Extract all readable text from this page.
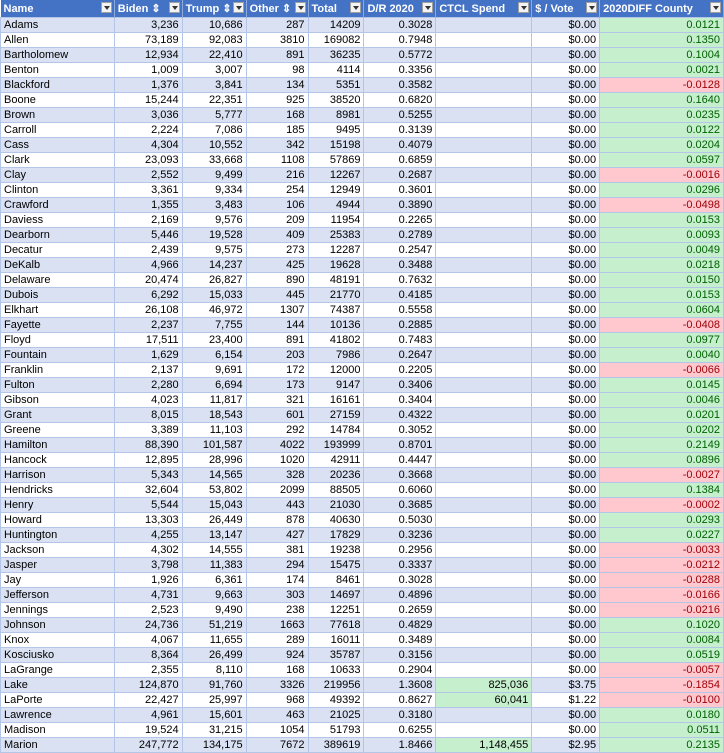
Name	Biden ⇕	Trump ⇕	Other ⇕	Total	D/R 2020	CTCL Spend	$ / Vote	2020DIFF County

Adams	3,236	10,686	287	14209	0.3028		$0.00	0.0121
Allen	73,189	92,083	3810	169082	0.7948		$0.00	0.1350
Bartholomew	12,934	22,410	891	36235	0.5772		$0.00	0.1004
Benton	1,009	3,007	98	4114	0.3356		$0.00	0.0021
Blackford	1,376	3,841	134	5351	0.3582		$0.00	-0.0128
Boone	15,244	22,351	925	38520	0.6820		$0.00	0.1640
Brown	3,036	5,777	168	8981	0.5255		$0.00	0.0235
Carroll	2,224	7,086	185	9495	0.3139		$0.00	0.0122
Cass	4,304	10,552	342	15198	0.4079		$0.00	0.0204
Clark	23,093	33,668	1108	57869	0.6859		$0.00	0.0597
Clay	2,552	9,499	216	12267	0.2687		$0.00	-0.0016
Clinton	3,361	9,334	254	12949	0.3601		$0.00	0.0296
Crawford	1,355	3,483	106	4944	0.3890		$0.00	-0.0498
Daviess	2,169	9,576	209	11954	0.2265		$0.00	0.0153
Dearborn	5,446	19,528	409	25383	0.2789		$0.00	0.0093
Decatur	2,439	9,575	273	12287	0.2547		$0.00	0.0049
DeKalb	4,966	14,237	425	19628	0.3488		$0.00	0.0218
Delaware	20,474	26,827	890	48191	0.7632		$0.00	0.0150
Dubois	6,292	15,033	445	21770	0.4185		$0.00	0.0153
Elkhart	26,108	46,972	1307	74387	0.5558		$0.00	0.0604
Fayette	2,237	7,755	144	10136	0.2885		$0.00	-0.0408
Floyd	17,511	23,400	891	41802	0.7483		$0.00	0.0977
Fountain	1,629	6,154	203	7986	0.2647		$0.00	0.0040
Franklin	2,137	9,691	172	12000	0.2205		$0.00	-0.0066
Fulton	2,280	6,694	173	9147	0.3406		$0.00	0.0145
Gibson	4,023	11,817	321	16161	0.3404		$0.00	0.0046
Grant	8,015	18,543	601	27159	0.4322		$0.00	0.0201
Greene	3,389	11,103	292	14784	0.3052		$0.00	0.0202
Hamilton	88,390	101,587	4022	193999	0.8701		$0.00	0.2149
Hancock	12,895	28,996	1020	42911	0.4447		$0.00	0.0896
Harrison	5,343	14,565	328	20236	0.3668		$0.00	-0.0027
Hendricks	32,604	53,802	2099	88505	0.6060		$0.00	0.1384
Henry	5,544	15,043	443	21030	0.3685		$0.00	-0.0002
Howard	13,303	26,449	878	40630	0.5030		$0.00	0.0293
Huntington	4,255	13,147	427	17829	0.3236		$0.00	0.0227
Jackson	4,302	14,555	381	19238	0.2956		$0.00	-0.0033
Jasper	3,798	11,383	294	15475	0.3337		$0.00	-0.0212
Jay	1,926	6,361	174	8461	0.3028		$0.00	-0.0288
Jefferson	4,731	9,663	303	14697	0.4896		$0.00	-0.0166
Jennings	2,523	9,490	238	12251	0.2659		$0.00	-0.0216
Johnson	24,736	51,219	1663	77618	0.4829		$0.00	0.1020
Knox	4,067	11,655	289	16011	0.3489		$0.00	0.0084
Kosciusko	8,364	26,499	924	35787	0.3156		$0.00	0.0519
LaGrange	2,355	8,110	168	10633	0.2904		$0.00	-0.0057
Lake	124,870	91,760	3326	219956	1.3608	825,036	$3.75	-0.1854
LaPorte	22,427	25,997	968	49392	0.8627	60,041	$1.22	-0.0100
Lawrence	4,961	15,601	463	21025	0.3180		$0.00	0.0180
Madison	19,524	31,215	1054	51793	0.6255		$0.00	0.0511
Marion	247,772	134,175	7672	389619	1.8466	1,148,455	$2.95	0.2135
